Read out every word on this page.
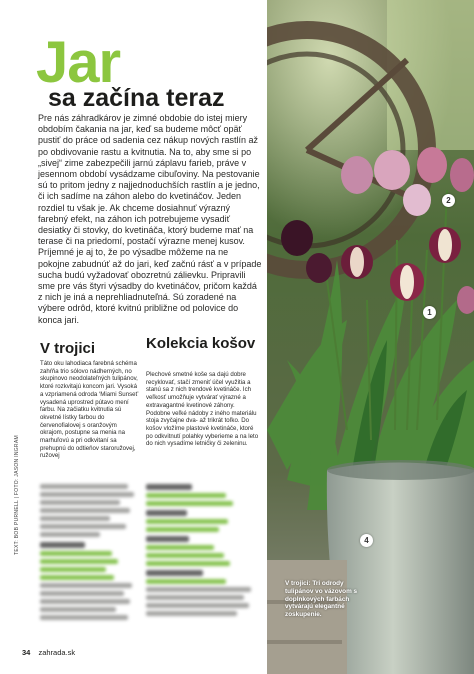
Jar
sa začína teraz
Pre nás záhradkárov je zimné obdobie do istej miery obdobím čakania na jar, keď sa budeme môcť opäť pustiť do práce od sadenia cez nákup nových rastlín až po obdivovanie rastu a kvitnutia. Na to, aby sme si po „sivej“ zime zabezpečili jarnú záplavu farieb, práve v jesennom období vysádzame cibuľoviny. Na pestovanie sú to pritom jedny z najjednoduchších rastlín a je jedno, či ich sadíme na záhon alebo do kvetináčov. Jeden rozdiel tu však je. Ak chceme dosiahnuť výrazný farebný efekt, na záhon ich potrebujeme vysadiť desiatky či stovky, do kvetináča, ktorý budeme mať na terase či na priedomí, postačí výrazne menej kusov. Príjemné je aj to, že po výsadbe môžeme na ne pokojne zabudnúť až do jari, keď začnú rásť a v prípade sucha budú vyžadovať obozretnú zálievku. Pripravili sme pre vás štyri výsadby do kvetináčov, pričom každá z nich je iná a neprehliadnuteľná. Sú zoradené na výbere odrôd, ktoré kvitnú približne od polovice do konca jari.
V trojici
Táto oku lahodiaca farebná schéma zahŕňa trio sólovo nádherných, no skupinovo neodolateľných tulipánov, ktoré rozkvitajú koncom jari. Vysoká a vzpriamená odroda ‘Miami Sunset’ vysadená uprostred pútavo mení farbu. Na začiatku kvitnutia sú okvetné lístky farbou do červenofialovej s oranžovým okrajom, postupne sa menia na marhuľovú a pri odkvitaní sa prehupnú do odtieňov staroružovej, ružovej
Kolekcia košov
Plechové smetné koše sa dajú dobre recyklovať, stačí zmeniť účel využitia a stanú sa z nich trendové kvetináče. Ich veľkosť umožňuje vytvárať výrazné a extravagantné kvetinové záhony. Podobne veľké nádoby z iného materiálu stoja zvyčajne dva- až trikrát toľko. Do košov vložíme plastové kvetináče, ktoré po odkvitnutí polahky vyberieme a na leto do nich vysadíme letničky či zeleninu.
TEXT: BOB PURNELL | FOTO: JASON INGRAM
34 zahrada.sk
2
1
4
V trojici: Tri odrody tulipánov vo vázovom s doplnkových farbách vytvárajú elegantné zoskupenie.
